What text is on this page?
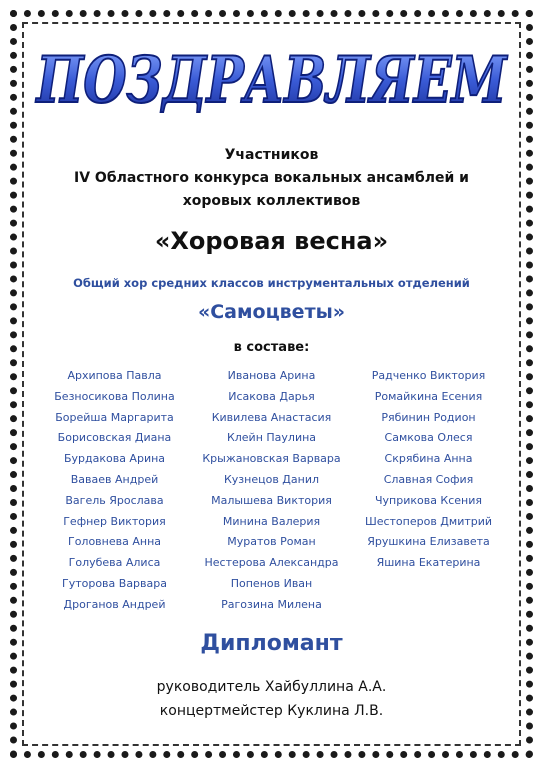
ПОЗДРАВЛЯЕМ
Участников
IV Областного конкурса вокальных ансамблей и
хоровых коллективов
«Хоровая весна»
Общий хор средних классов инструментальных отделений
«Самоцветы»
в составе:
Архипова Павла
Безносикова Полина
Борейша Маргарита
Борисовская Диана
Бурдакова Арина
Ваваев Андрей
Вагель Ярослава
Гефнер Виктория
Головнева Анна
Голубева Алиса
Гуторова Варвара
Дроганов Андрей
Иванова Арина
Исакова Дарья
Кивилева Анастасия
Клейн Паулина
Крыжановская Варвара
Кузнецов Данил
Малышева Виктория
Минина Валерия
Муратов Роман
Нестерова Александра
Попенов Иван
Рагозина Милена
Радченко Виктория
Ромайкина Есения
Рябинин Родион
Самкова Олеся
Скрябина Анна
Славная София
Чуприкова Ксения
Шестоперов Дмитрий
Ярушкина Елизавета
Яшина Екатерина
Дипломант
руководитель Хайбуллина А.А.
концертмейстер Куклина Л.В.
